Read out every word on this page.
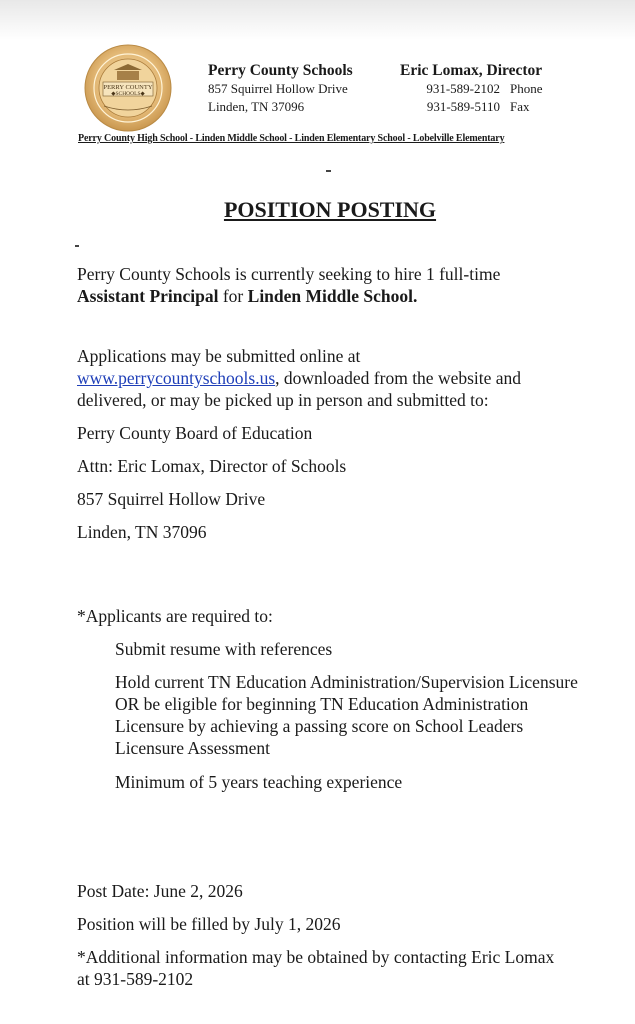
PERRY COUNTY
◆SCHOOLS◆
Perry County Schools
857 Squirrel Hollow Drive
Linden, TN 37096
Eric Lomax, Director
931-589-2102 Phone
931-589-5110 Fax
Perry County High School - Linden Middle School - Linden Elementary School - Lobelville Elementary
POSITION POSTING
Perry County Schools is currently seeking to hire 1 full-time
Assistant Principal for Linden Middle School.
Applications may be submitted online at
www.perrycountyschools.us, downloaded from the website and
delivered, or may be picked up in person and submitted to:
Perry County Board of Education
Attn: Eric Lomax, Director of Schools
857 Squirrel Hollow Drive
Linden, TN 37096
*Applicants are required to:
Submit resume with references
Hold current TN Education Administration/Supervision Licensure OR be eligible for beginning TN Education Administration Licensure by achieving a passing score on School Leaders Licensure Assessment
Minimum of 5 years teaching experience
Post Date: June 2, 2026
Position will be filled by July 1, 2026
*Additional information may be obtained by contacting Eric Lomax at 931-589-2102
